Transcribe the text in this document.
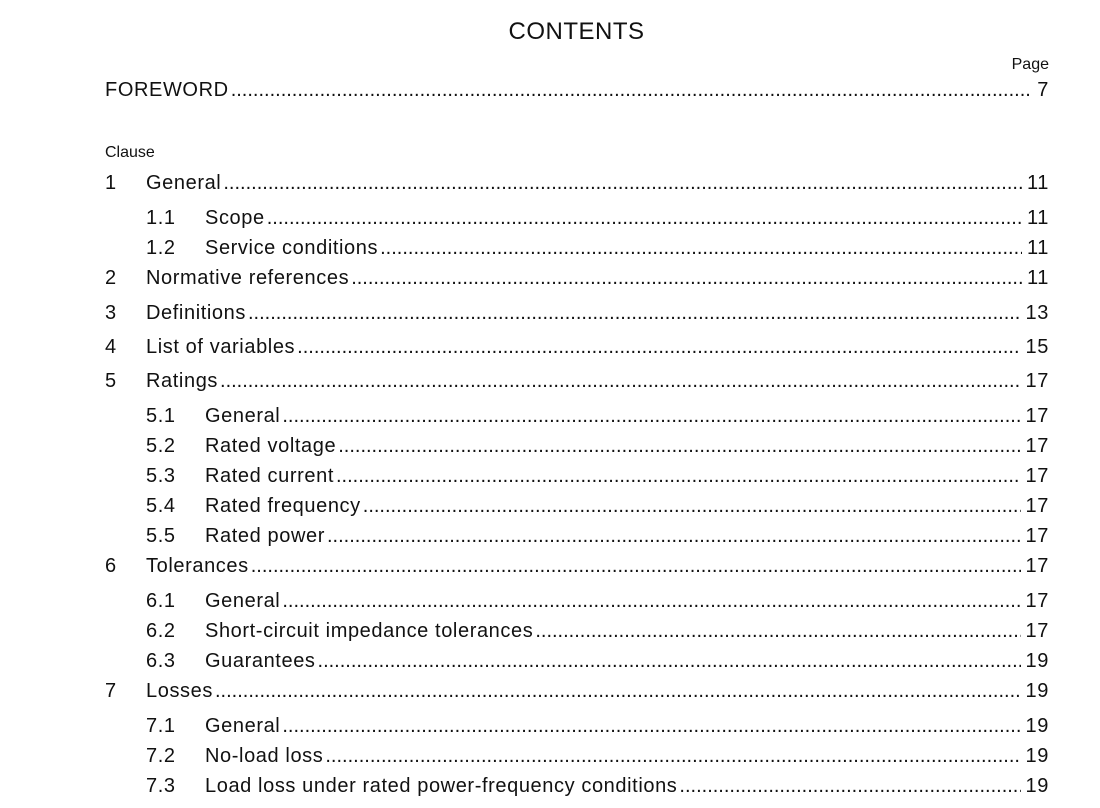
CONTENTS
Page
Clause
FOREWORD .....	7
1	General .....	11
1.1	Scope .....	11
1.2	Service conditions .....	11
2	Normative references .....	11
3	Definitions .....	13
4	List of variables .....	15
5	Ratings .....	17
5.1	General .....	17
5.2	Rated voltage .....	17
5.3	Rated current .....	17
5.4	Rated frequency .....	17
5.5	Rated power .....	17
6	Tolerances .....	17
6.1	General .....	17
6.2	Short-circuit impedance tolerances .....	17
6.3	Guarantees .....	19
7	Losses .....	19
7.1	General .....	19
7.2	No-load loss .....	19
7.3	Load loss under rated power-frequency conditions .....	19
